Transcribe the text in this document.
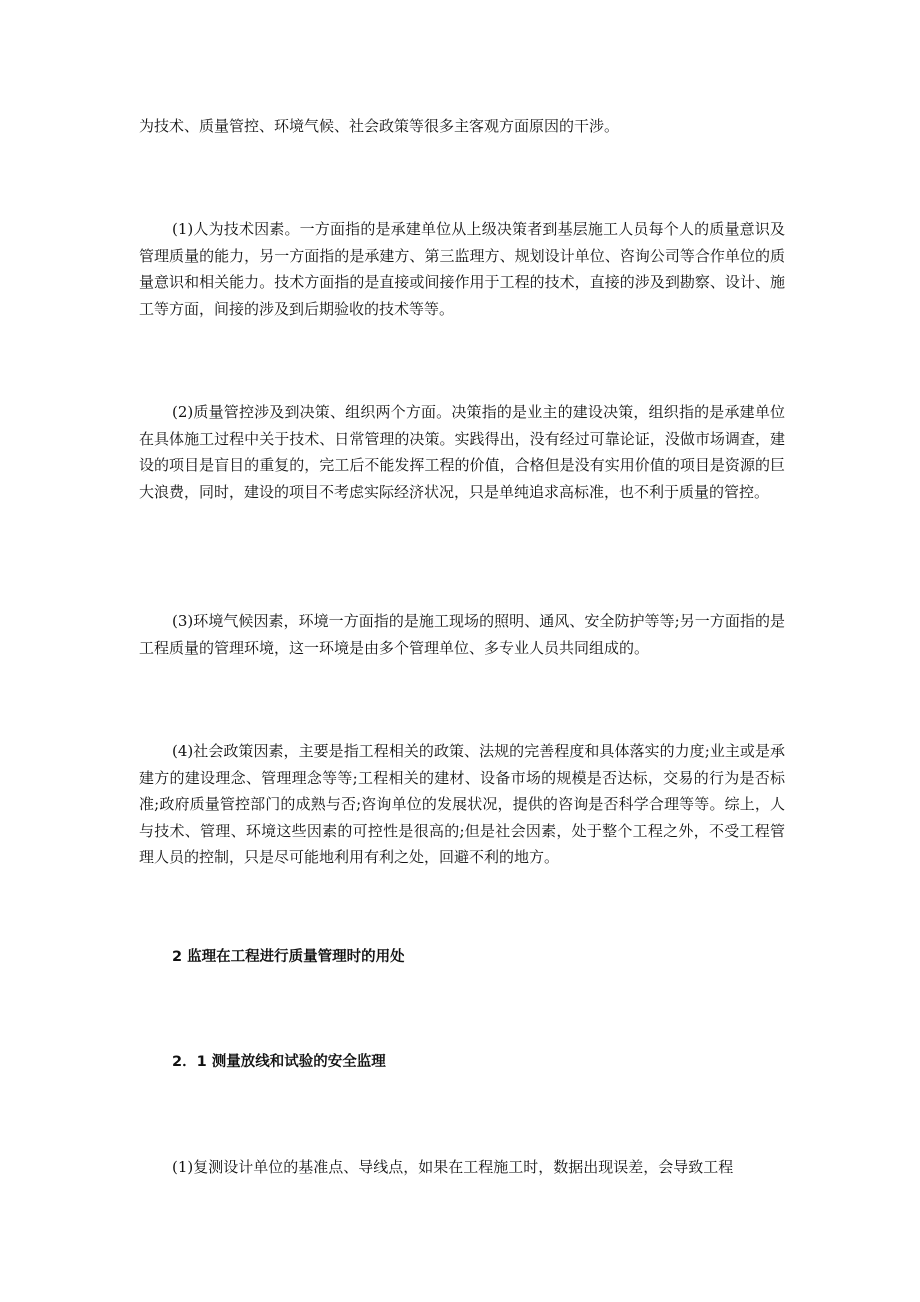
为技术、质量管控、环境气候、社会政策等很多主客观方面原因的干涉。

(1)人为技术因素。一方面指的是承建单位从上级决策者到基层施工人员每个人的质量意识及管理质量的能力，另一方面指的是承建方、第三监理方、规划设计单位、咨询公司等合作单位的质量意识和相关能力。技术方面指的是直接或间接作用于工程的技术，直接的涉及到勘察、设计、施工等方面，间接的涉及到后期验收的技术等等。

(2)质量管控涉及到决策、组织两个方面。决策指的是业主的建设决策，组织指的是承建单位在具体施工过程中关于技术、日常管理的决策。实践得出，没有经过可靠论证，没做市场调查，建设的项目是盲目的重复的，完工后不能发挥工程的价值，合格但是没有实用价值的项目是资源的巨大浪费，同时，建设的项目不考虑实际经济状况，只是单纯追求高标准，也不利于质量的管控。

(3)环境气候因素，环境一方面指的是施工现场的照明、通风、安全防护等等;另一方面指的是工程质量的管理环境，这一环境是由多个管理单位、多专业人员共同组成的。

(4)社会政策因素，主要是指工程相关的政策、法规的完善程度和具体落实的力度;业主或是承建方的建设理念、管理理念等等;工程相关的建材、设备市场的规模是否达标，交易的行为是否标准;政府质量管控部门的成熟与否;咨询单位的发展状况，提供的咨询是否科学合理等等。综上，人与技术、管理、环境这些因素的可控性是很高的;但是社会因素，处于整个工程之外，不受工程管理人员的控制，只是尽可能地利用有利之处，回避不利的地方。

2 监理在工程进行质量管理时的用处
2．1 测量放线和试验的安全监理

(1)复测设计单位的基准点、导线点，如果在工程施工时，数据出现误差，会导致工程
